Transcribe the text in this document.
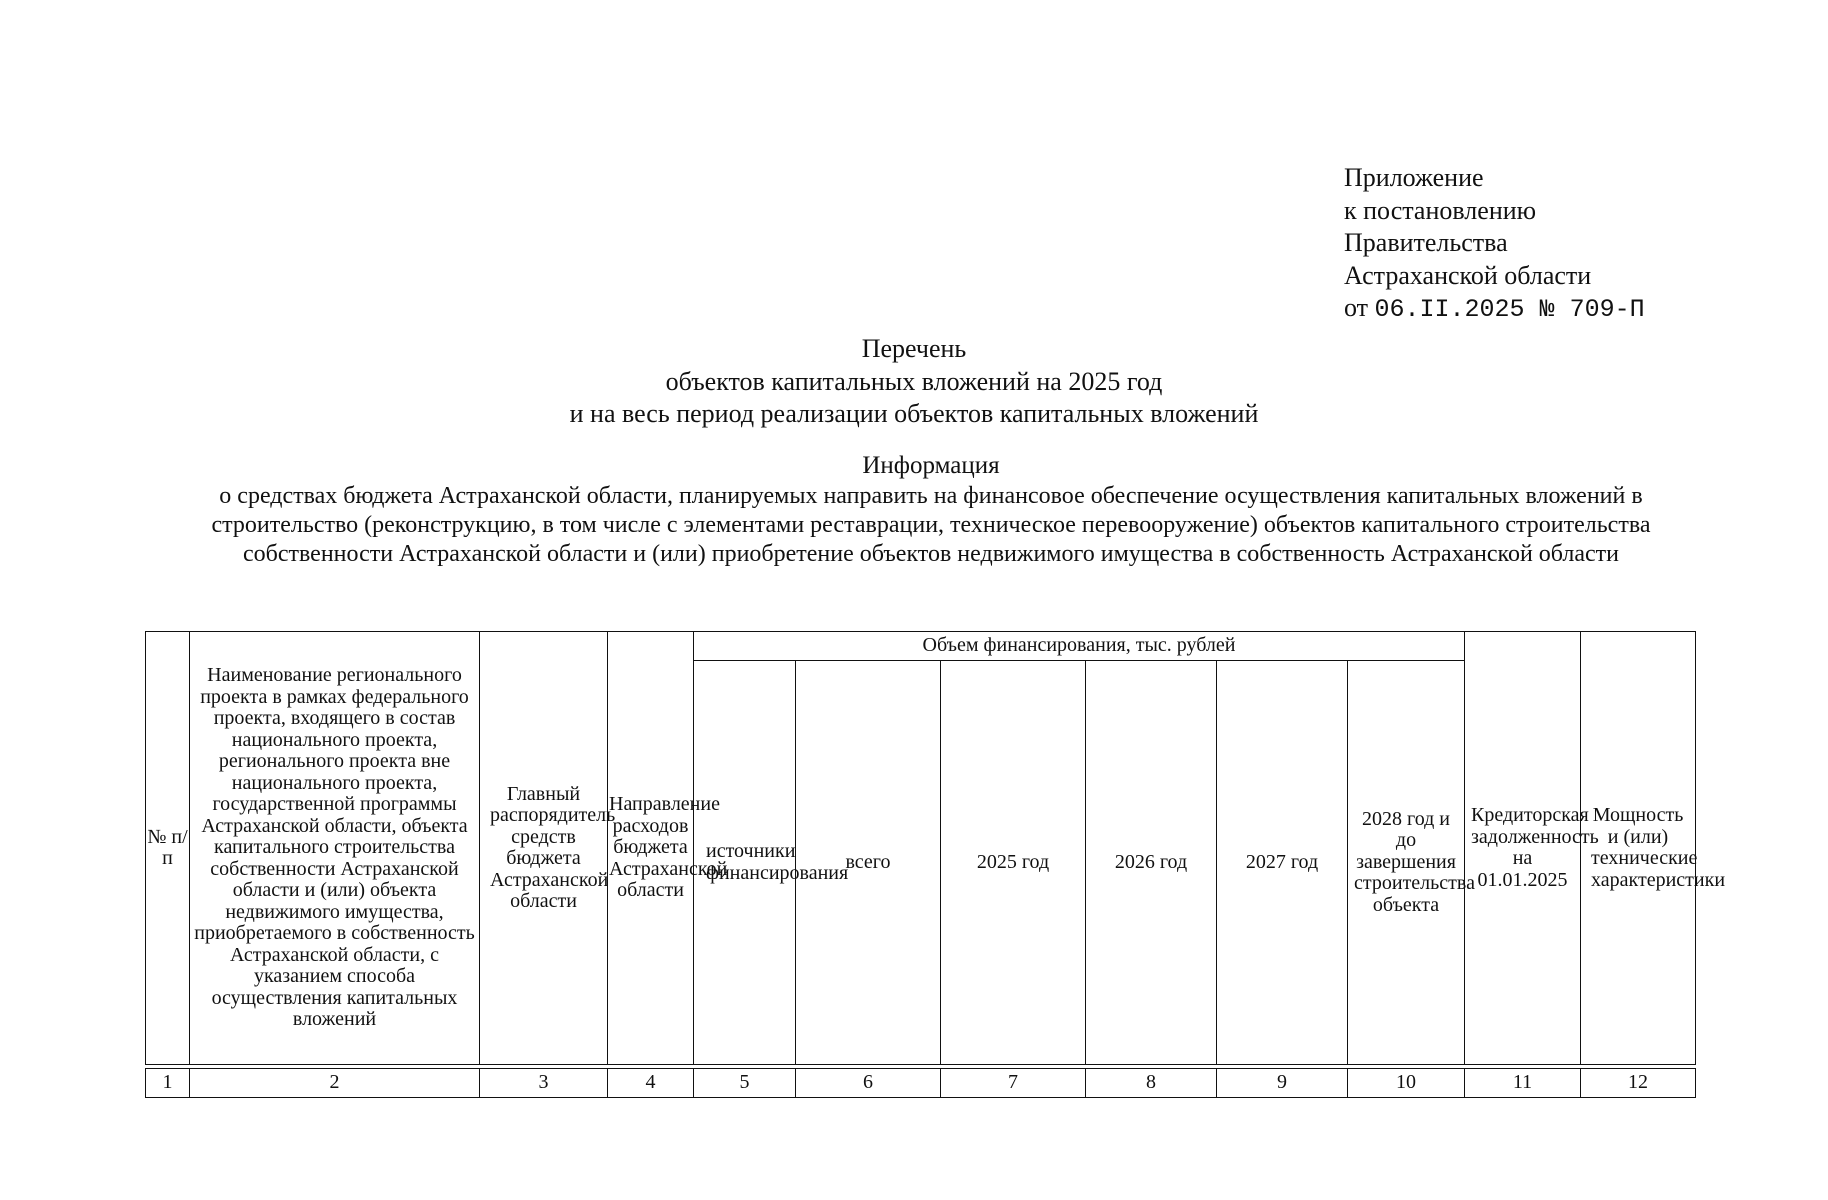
Приложение
к постановлению
Правительства
Астраханской области
от 06.II.2025 № 709-П
Перечень
объектов капитальных вложений на 2025 год
и на весь период реализации объектов капитальных вложений
Информация
о средствах бюджета Астраханской области, планируемых направить на финансовое обеспечение осуществления капитальных вложений в строительство (реконструкцию, в том числе с элементами реставрации, техническое перевооружение) объектов капитального строительства собственности Астраханской области и (или) приобретение объектов недвижимого имущества в собственность Астраханской области
№ п/п	Наименование регионального проекта в рамках федерального проекта, входящего в состав национального проекта, регионального проекта вне национального проекта, государственной программы Астраханской области, объекта капитального строительства собственности Астраханской области и (или) объекта недвижимого имущества, приобретаемого в собственность Астраханской области, с указанием способа осуществления капитальных вложений	Главный распорядитель средств бюджета Астраханской области	Направление расходов бюджета Астраханской области	Объем финансирования, тыс. рублей						Кредиторская задолженность на 01.01.2025	Мощность и (или) технические характеристики
				источники финансирования	всего	2025 год	2026 год	2027 год	2028 год и до завершения строительства объекта		

1	2	3	4	5	6	7	8	9	10	11	12
